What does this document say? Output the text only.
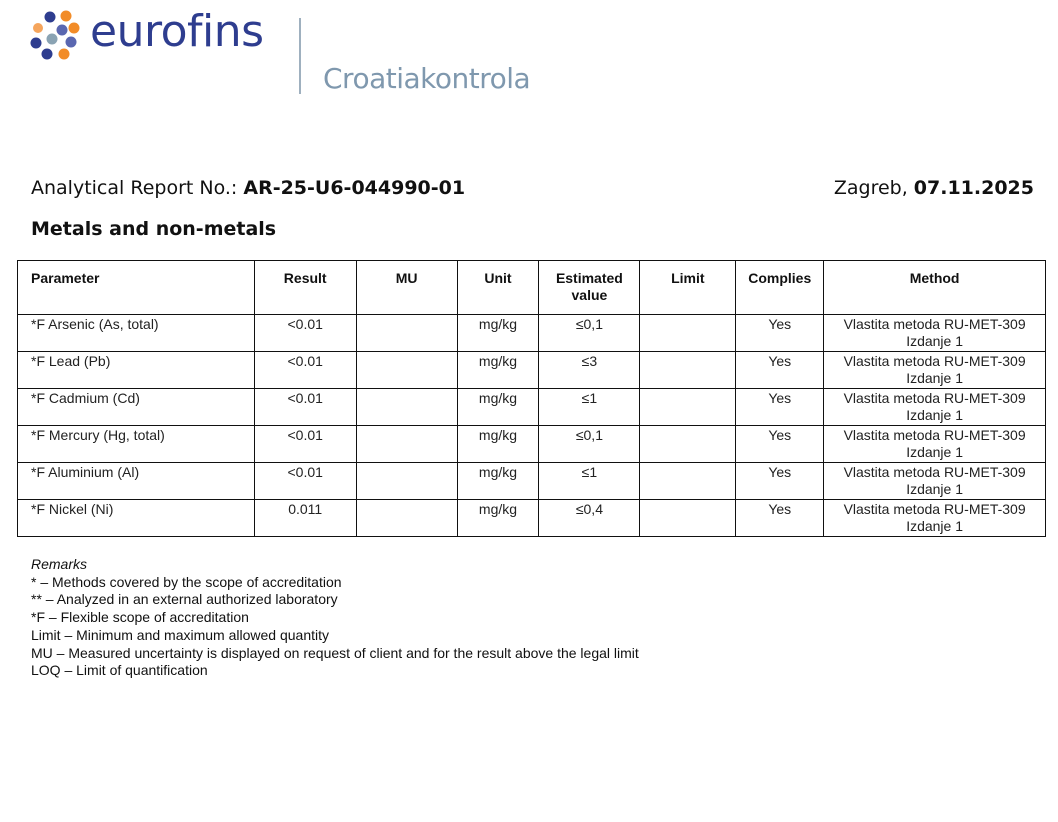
eurofins
Croatiakontrola
Analytical Report No.: AR-25-U6-044990-01	Zagreb, 07.11.2025
Metals and non-metals
Parameter	Result	MU	Unit	Estimated value	Limit	Complies	Method
*F Arsenic (As, total)	<0.01		mg/kg	≤0,1		Yes	Vlastita metoda RU-MET-309
Izdanje 1

*F Lead (Pb)	<0.01		mg/kg	≤3		Yes	Vlastita metoda RU-MET-309
Izdanje 1

*F Cadmium (Cd)	<0.01		mg/kg	≤1		Yes	Vlastita metoda RU-MET-309
Izdanje 1

*F Mercury (Hg, total)	<0.01		mg/kg	≤0,1		Yes	Vlastita metoda RU-MET-309
Izdanje 1

*F Aluminium (Al)	<0.01		mg/kg	≤1		Yes	Vlastita metoda RU-MET-309
Izdanje 1

*F Nickel (Ni)	0.011		mg/kg	≤0,4		Yes	Vlastita metoda RU-MET-309
Izdanje 1
Remarks
* – Methods covered by the scope of accreditation
** – Analyzed in an external authorized laboratory
*F – Flexible scope of accreditation
Limit – Minimum and maximum allowed quantity
MU – Measured uncertainty is displayed on request of client and for the result above the legal limit
LOQ – Limit of quantification
